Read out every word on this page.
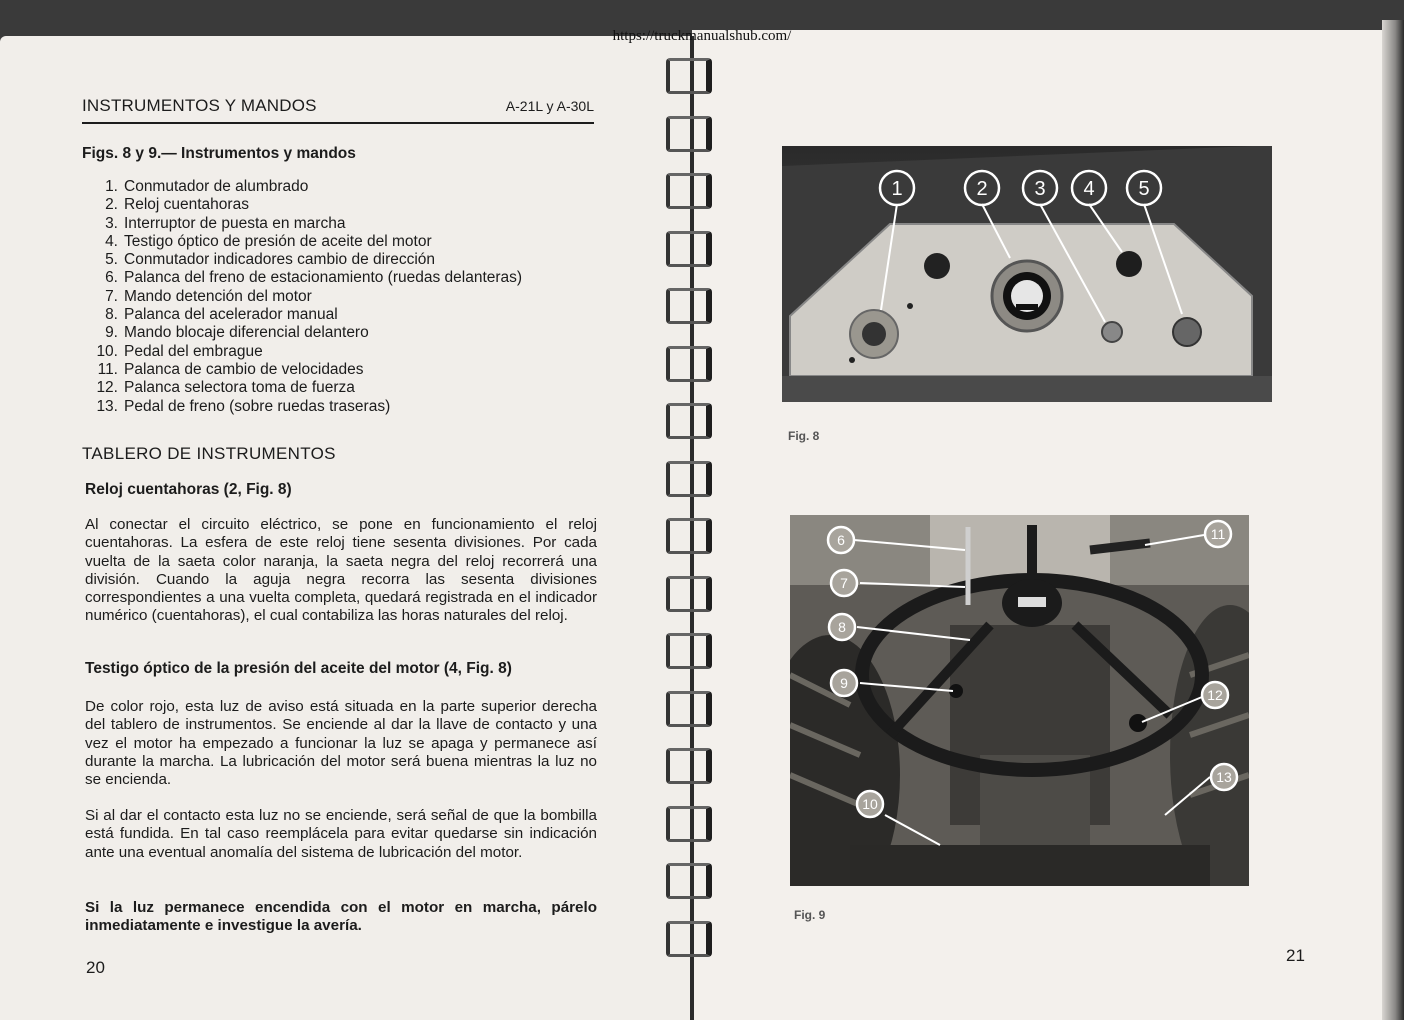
https://truckmanualshub.com/
INSTRUMENTOS Y MANDOS	A-21L y A-30L
Figs. 8 y 9.— Instrumentos y mandos
1. Conmutador de alumbrado
2. Reloj cuentahoras
3. Interruptor de puesta en marcha
4. Testigo óptico de presión de aceite del motor
5. Conmutador indicadores cambio de dirección
6. Palanca del freno de estacionamiento (ruedas delanteras)
7. Mando detención del motor
8. Palanca del acelerador manual
9. Mando blocaje diferencial delantero
10. Pedal del embrague
11. Palanca de cambio de velocidades
12. Palanca selectora toma de fuerza
13. Pedal de freno (sobre ruedas traseras)
TABLERO DE INSTRUMENTOS
Reloj cuentahoras (2, Fig. 8)
Al conectar el circuito eléctrico, se pone en funcionamiento el reloj cuentahoras. La esfera de este reloj tiene sesenta divisiones. Por cada vuelta de la saeta color naranja, la saeta negra del reloj recorrerá una división. Cuando la aguja negra recorra las sesenta divisiones correspondientes a una vuelta completa, quedará registrada en el indicador numérico (cuentahoras), el cual contabiliza las horas naturales del reloj.
Testigo óptico de la presión del aceite del motor (4, Fig. 8)
De color rojo, esta luz de aviso está situada en la parte superior derecha del tablero de instrumentos. Se enciende al dar la llave de contacto y una vez el motor ha empezado a funcionar la luz se apaga y permanece así durante la marcha. La lubricación del motor será buena mientras la luz no se encienda.
Si al dar el contacto esta luz no se enciende, será señal de que la bombilla está fundida. En tal caso reemplácela para evitar quedarse sin indicación ante una eventual anomalía del sistema de lubricación del motor.
Si la luz permanece encendida con el motor en marcha, párelo inmediatamente e investigue la avería.
20
1	2 3 4 5
Fig. 8
6
7
8
9
10
11
12
13
Fig. 9
21
